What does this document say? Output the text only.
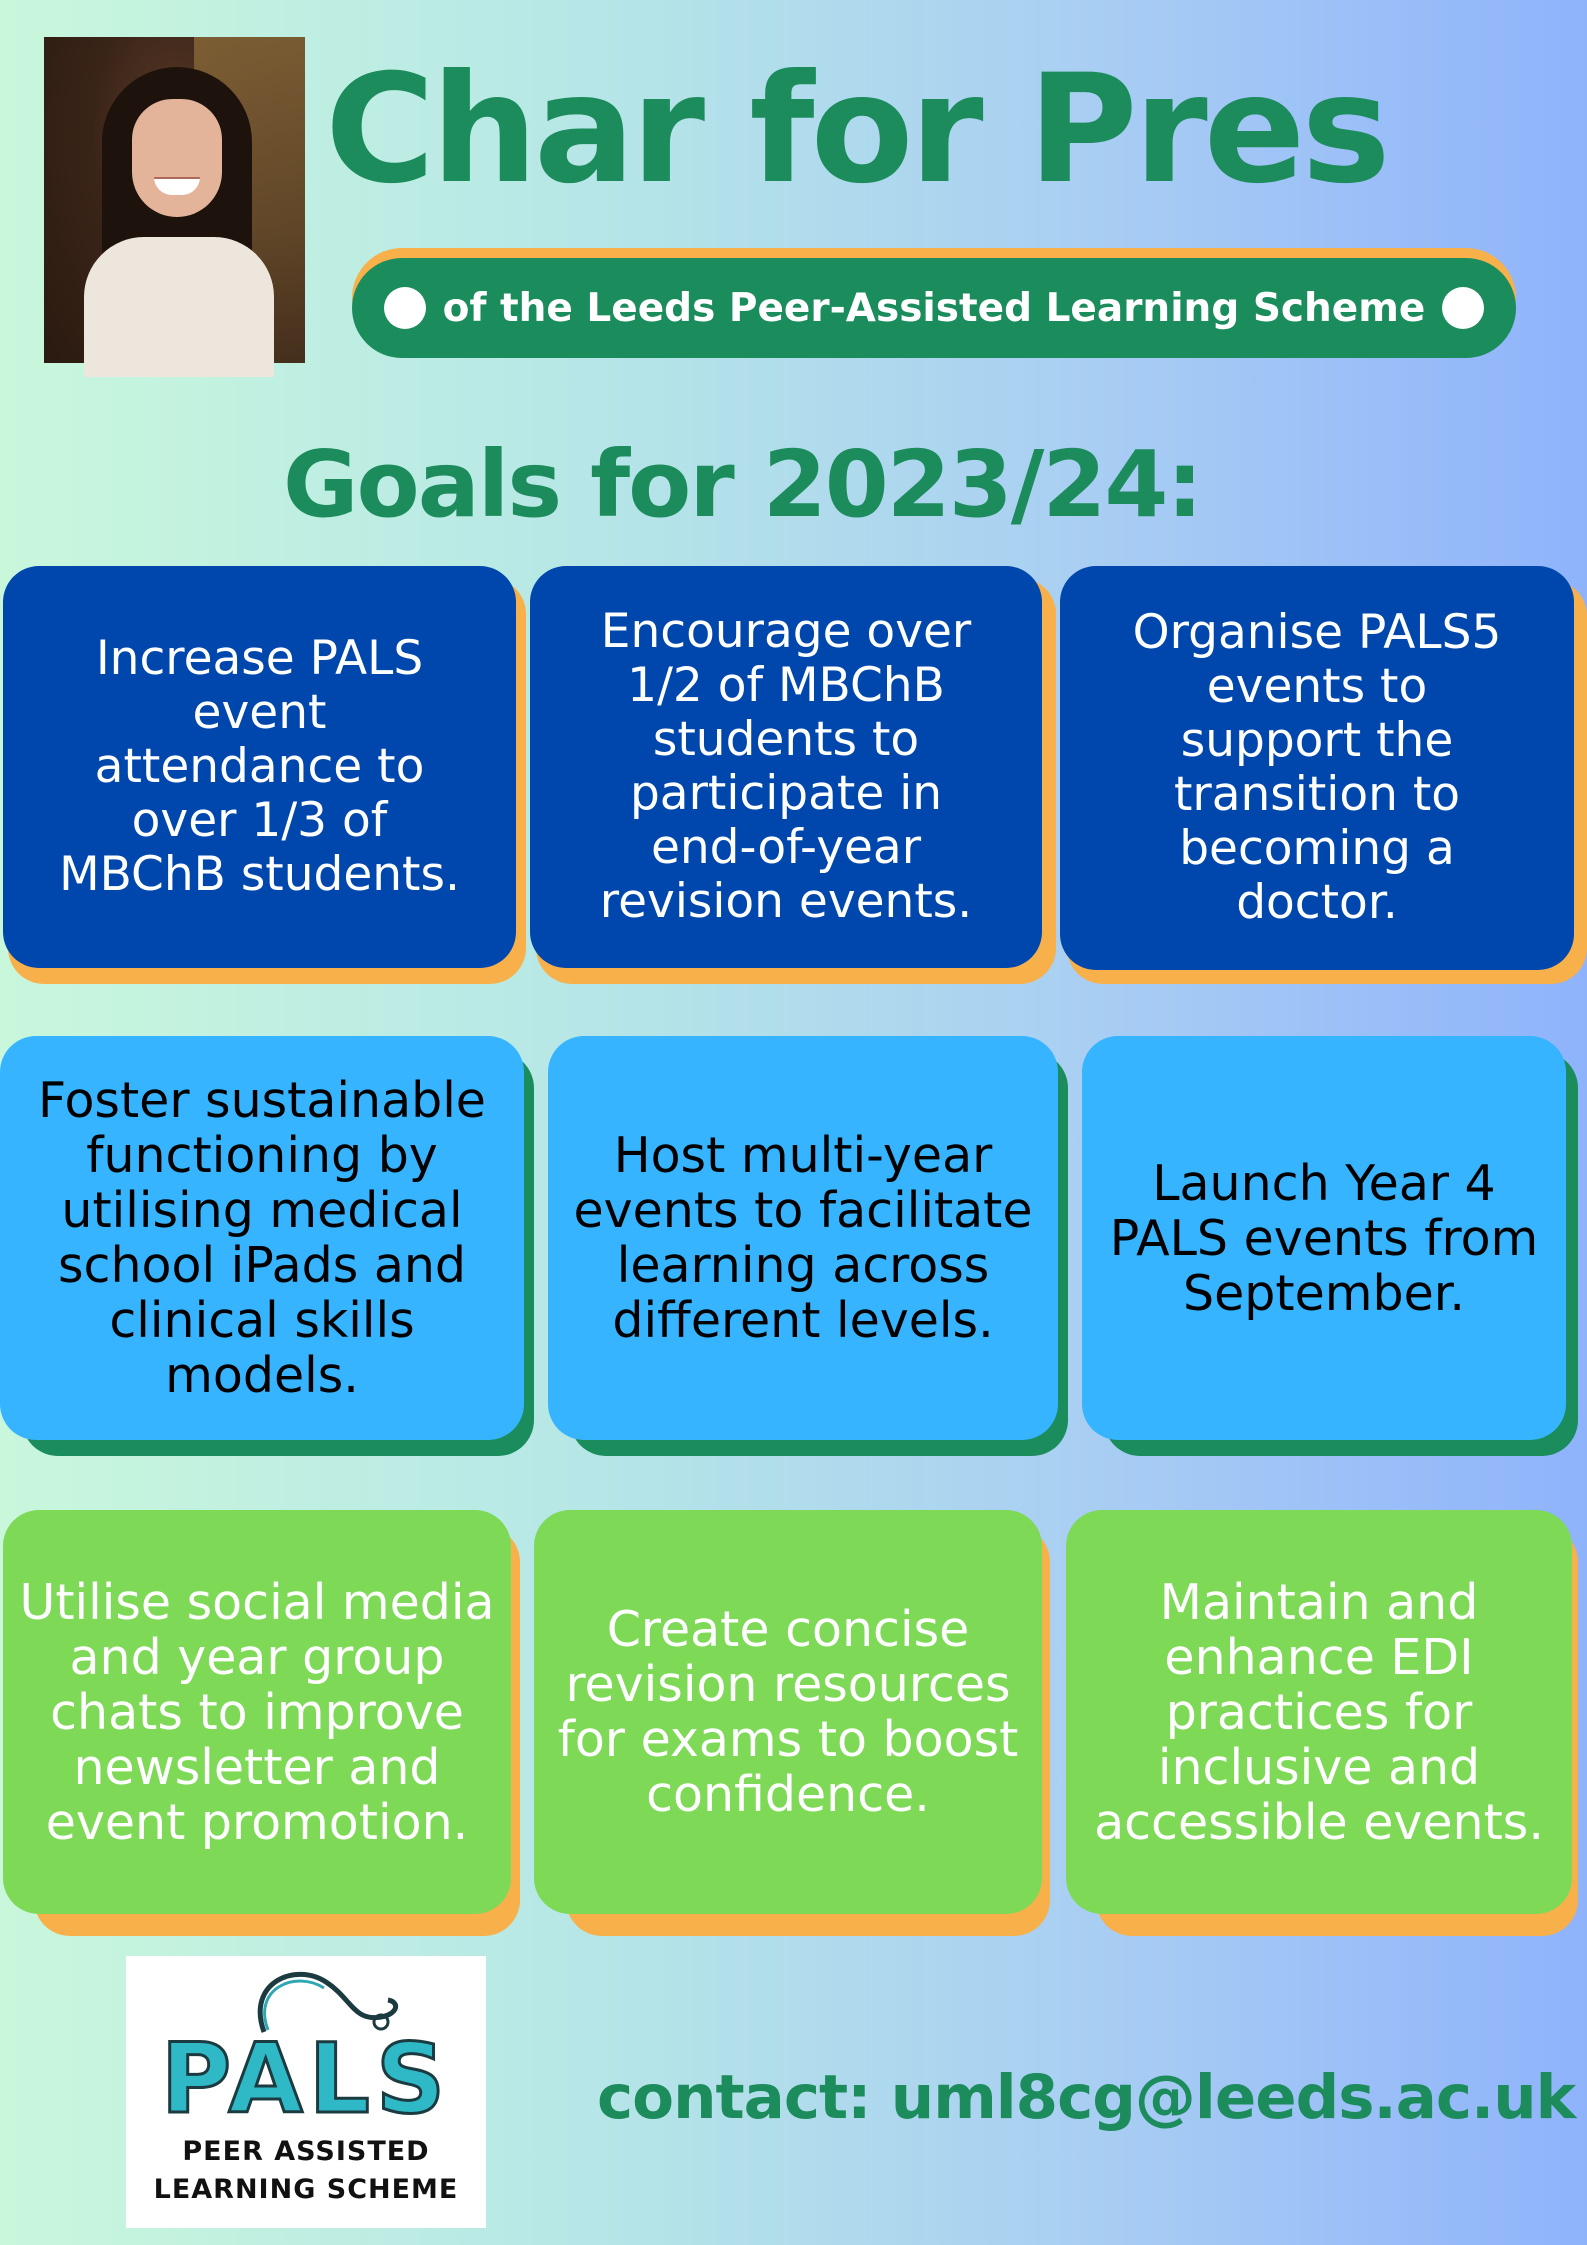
Char for Pres
of the Leeds Peer-Assisted Learning Scheme
Goals for 2023/24:
Increase PALS
event
attendance to
over 1/3 of
MBChB students.
Encourage over
1/2 of MBChB
students to
participate in
end-of-year
revision events.
Organise PALS5
events to
support the
transition to
becoming a
doctor.
Foster sustainable
functioning by
utilising medical
school iPads and
clinical skills models.
Host multi-year
events to facilitate
learning across
different levels.
Launch Year 4
PALS events from
September.
Utilise social media
and year group
chats to improve
newsletter and
event promotion.
Create concise
revision resources
for exams to boost
confidence.
Maintain and
enhance EDI
practices for
inclusive and
accessible events.
PALS
PEER ASSISTED
LEARNING SCHEME

contact: uml8cg@leeds.ac.uk
